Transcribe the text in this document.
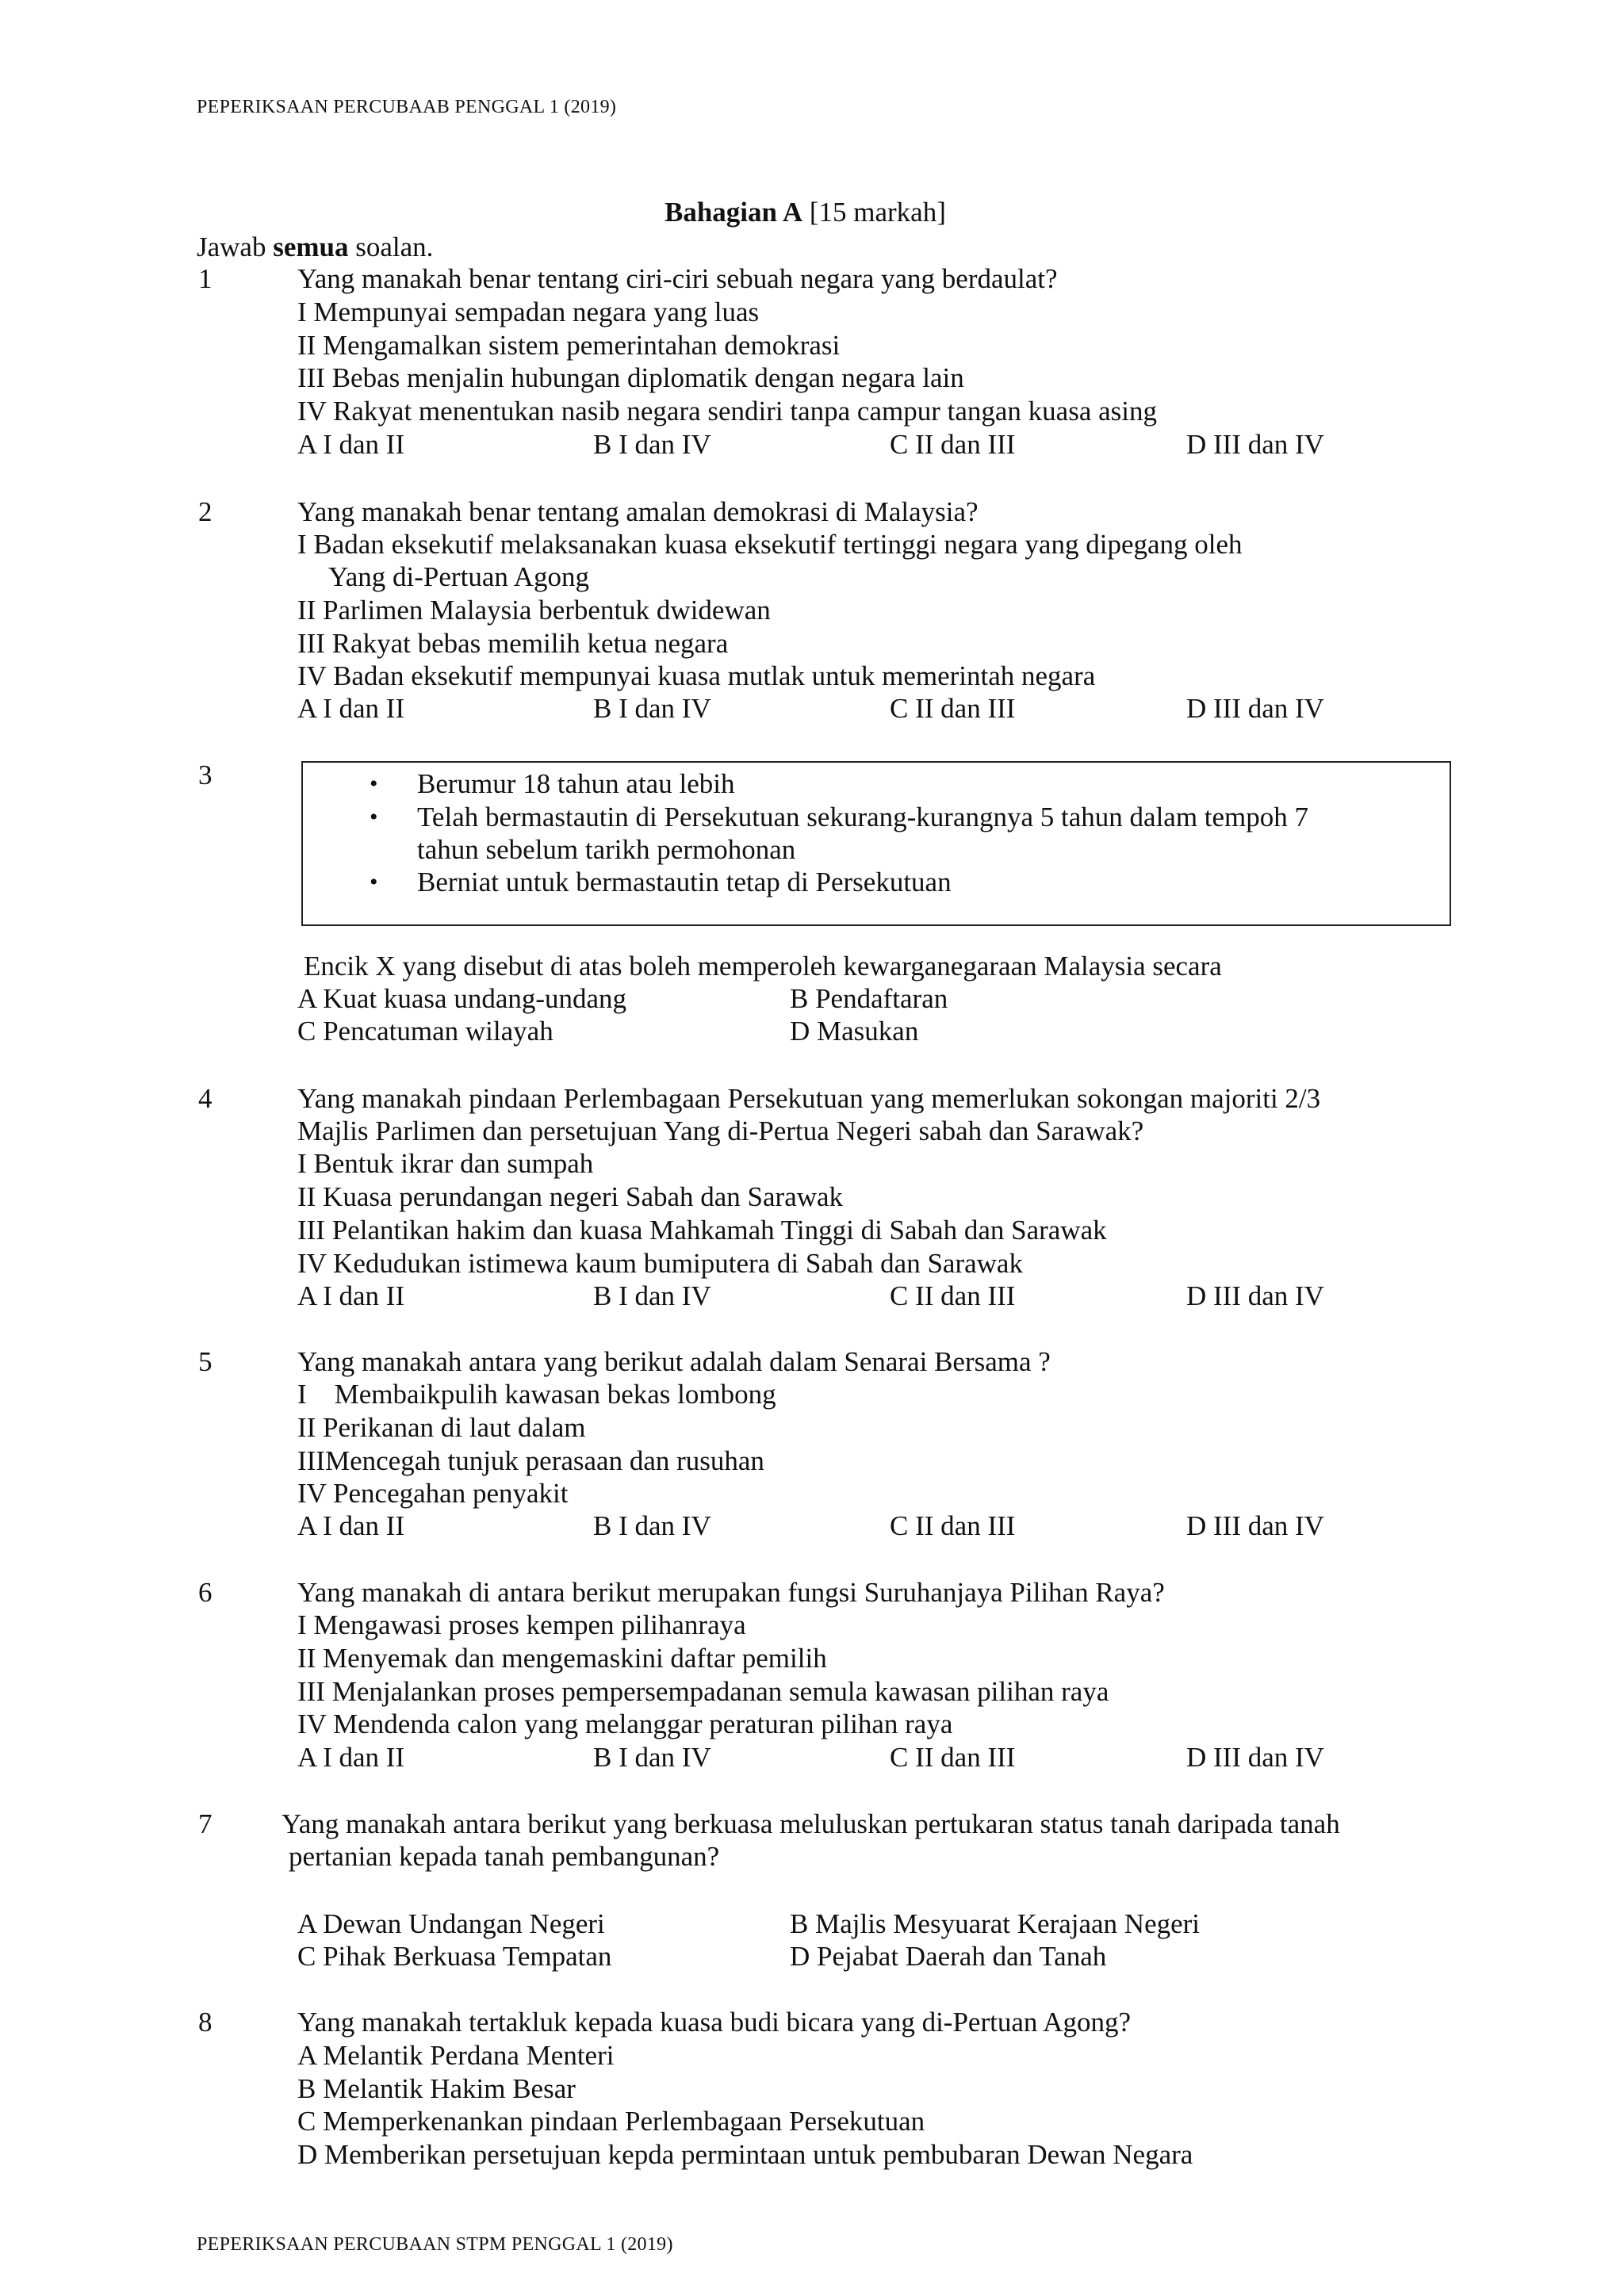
PEPERIKSAAN PERCUBAAB PENGGAL 1 (2019)
Bahagian A [15 markah]
Jawab semua soalan.
1	Yang manakah benar tentang ciri-ciri sebuah negara yang berdaulat?
I Mempunyai sempadan negara yang luas
II Mengamalkan sistem pemerintahan demokrasi
III Bebas menjalin hubungan diplomatik dengan negara lain
IV Rakyat menentukan nasib negara sendiri tanpa campur tangan kuasa asing
A I dan II	B I dan IV	C II dan III	D III dan IV
2	Yang manakah benar tentang amalan demokrasi di Malaysia?
I Badan eksekutif melaksanakan kuasa eksekutif tertinggi negara yang dipegang oleh
Yang di-Pertuan Agong
II Parlimen Malaysia berbentuk dwidewan
III Rakyat bebas memilih ketua negara
IV Badan eksekutif mempunyai kuasa mutlak untuk memerintah negara
A I dan II	B I dan IV	C II dan III	D III dan IV
3	• Berumur 18 tahun atau lebih
• Telah bermastautin di Persekutuan sekurang-kurangnya 5 tahun dalam tempoh 7
tahun sebelum tarikh permohonan
• Berniat untuk bermastautin tetap di Persekutuan
Encik X yang disebut di atas boleh memperoleh kewarganegaraan Malaysia secara
A Kuat kuasa undang-undang	B Pendaftaran
C Pencatuman wilayah	D Masukan
4	Yang manakah pindaan Perlembagaan Persekutuan yang memerlukan sokongan majoriti 2/3
Majlis Parlimen dan persetujuan Yang di-Pertua Negeri sabah dan Sarawak?
I Bentuk ikrar dan sumpah
II Kuasa perundangan negeri Sabah dan Sarawak
III Pelantikan hakim dan kuasa Mahkamah Tinggi di Sabah dan Sarawak
IV Kedudukan istimewa kaum bumiputera di Sabah dan Sarawak
A I dan II	B I dan IV	C II dan III	D III dan IV
5	Yang manakah antara yang berikut adalah dalam Senarai Bersama ?
I    Membaikpulih kawasan bekas lombong
II Perikanan di laut dalam
IIIMencegah tunjuk perasaan dan rusuhan
IV Pencegahan penyakit
A I dan II	B I dan IV	C II dan III	D III dan IV
6	Yang manakah di antara berikut merupakan fungsi Suruhanjaya Pilihan Raya?
I Mengawasi proses kempen pilihanraya
II Menyemak dan mengemaskini daftar pemilih
III Menjalankan proses pempersempadanan semula kawasan pilihan raya
IV Mendenda calon yang melanggar peraturan pilihan raya
A I dan II	B I dan IV	C II dan III	D III dan IV
7	Yang manakah antara berikut yang berkuasa meluluskan pertukaran status tanah daripada tanah
pertanian kepada tanah pembangunan?
A Dewan Undangan Negeri	B Majlis Mesyuarat Kerajaan Negeri
C Pihak Berkuasa Tempatan	D Pejabat Daerah dan Tanah
8	Yang manakah tertakluk kepada kuasa budi bicara yang di-Pertuan Agong?
A Melantik Perdana Menteri
B Melantik Hakim Besar
C Memperkenankan pindaan Perlembagaan Persekutuan
D Memberikan persetujuan kepda permintaan untuk pembubaran Dewan Negara
PEPERIKSAAN PERCUBAAN STPM PENGGAL 1 (2019)
